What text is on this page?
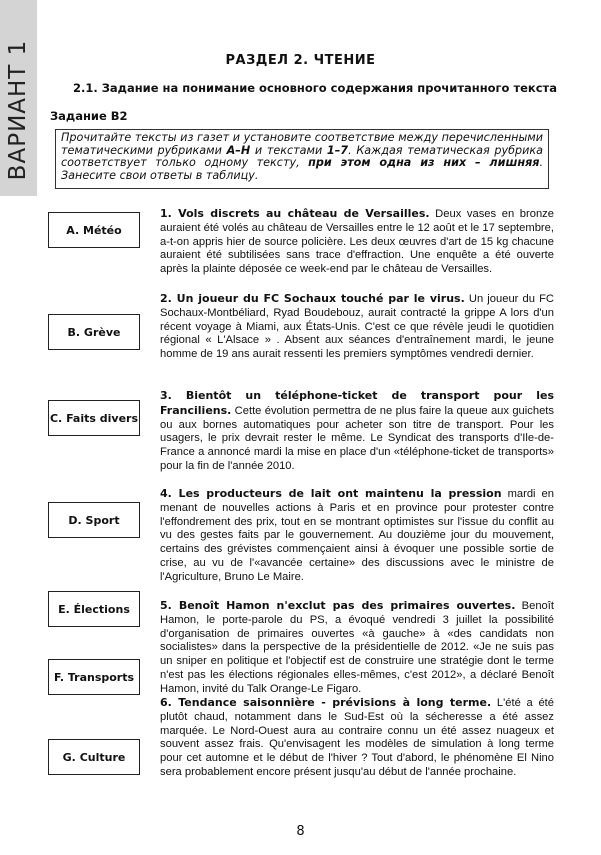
ВАРИАНТ 1	РАЗДЕЛ 2. ЧТЕНИЕ
2.1. Задание на понимание основного содержания прочитанного текста
Задание B2
Прочитайте тексты из газет и установите соответствие между перечисленными тематическими рубриками А–H и текстами 1–7. Каждая тематическая рубрика соответствует только одному тексту, при этом одна из них – лишняя. Занесите свои ответы в таблицу.
A. Météo
B. Grève
C. Faits divers
D. Sport
E. Élections
F. Transports
G. Culture
1. Vols discrets au château de Versailles. Deux vases en bronze auraient été volés au château de Versailles entre le 12 août et le 17 septembre, a-t-on appris hier de source policière. Les deux œuvres d'art de 15 kg chacune auraient été subtilisées sans trace d'effraction. Une enquête a été ouverte après la plainte déposée ce week-end par le château de Versailles.
2. Un joueur du FC Sochaux touché par le virus. Un joueur du FC Sochaux-Montbéliard, Ryad Boudebouz, aurait contracté la grippe A lors d'un récent voyage à Miami, aux États-Unis. C'est ce que révèle jeudi le quotidien régional « L'Alsace » . Absent aux séances d'entraînement mardi, le jeune homme de 19 ans aurait ressenti les premiers symptômes vendredi dernier.
3. Bientôt un téléphone-ticket de transport pour les Franciliens. Cette évolution permettra de ne plus faire la queue aux guichets ou aux bornes automatiques pour acheter son titre de transport. Pour les usagers, le prix devrait rester le même. Le Syndicat des transports d'Ile-de-France a annoncé mardi la mise en place d'un «téléphone-ticket de transports» pour la fin de l'année 2010.
4. Les producteurs de lait ont maintenu la pression mardi en menant de nouvelles actions à Paris et en province pour protester contre l'effondrement des prix, tout en se montrant optimistes sur l'issue du conflit au vu des gestes faits par le gouvernement. Au douzième jour du mouvement, certains des grévistes commençaient ainsi à évoquer une possible sortie de crise, au vu de l'«avancée certaine» des discussions avec le ministre de l'Agriculture, Bruno Le Maire.
5. Benoît Hamon n'exclut pas des primaires ouvertes. Benoît Hamon, le porte-parole du PS, a évoqué vendredi 3 juillet la possibilité d'organisation de primaires ouvertes «à gauche» à «des candidats non socialistes» dans la perspective de la présidentielle de 2012. «Je ne suis pas un sniper en politique et l'objectif est de construire une stratégie dont le terme n'est pas les élections régionales elles-mêmes, c'est 2012», a déclaré Benoît Hamon, invité du Talk Orange-Le Figaro.
6. Tendance saisonnière - prévisions à long terme. L'été a été plutôt chaud, notamment dans le Sud-Est où la sécheresse a été assez marquée. Le Nord-Ouest aura au contraire connu un été assez nuageux et souvent assez frais. Qu'envisagent les modèles de simulation à long terme pour cet automne et le début de l'hiver ? Tout d'abord, le phénomène El Nino sera probablement encore présent jusqu'au début de l'année prochaine.
8
